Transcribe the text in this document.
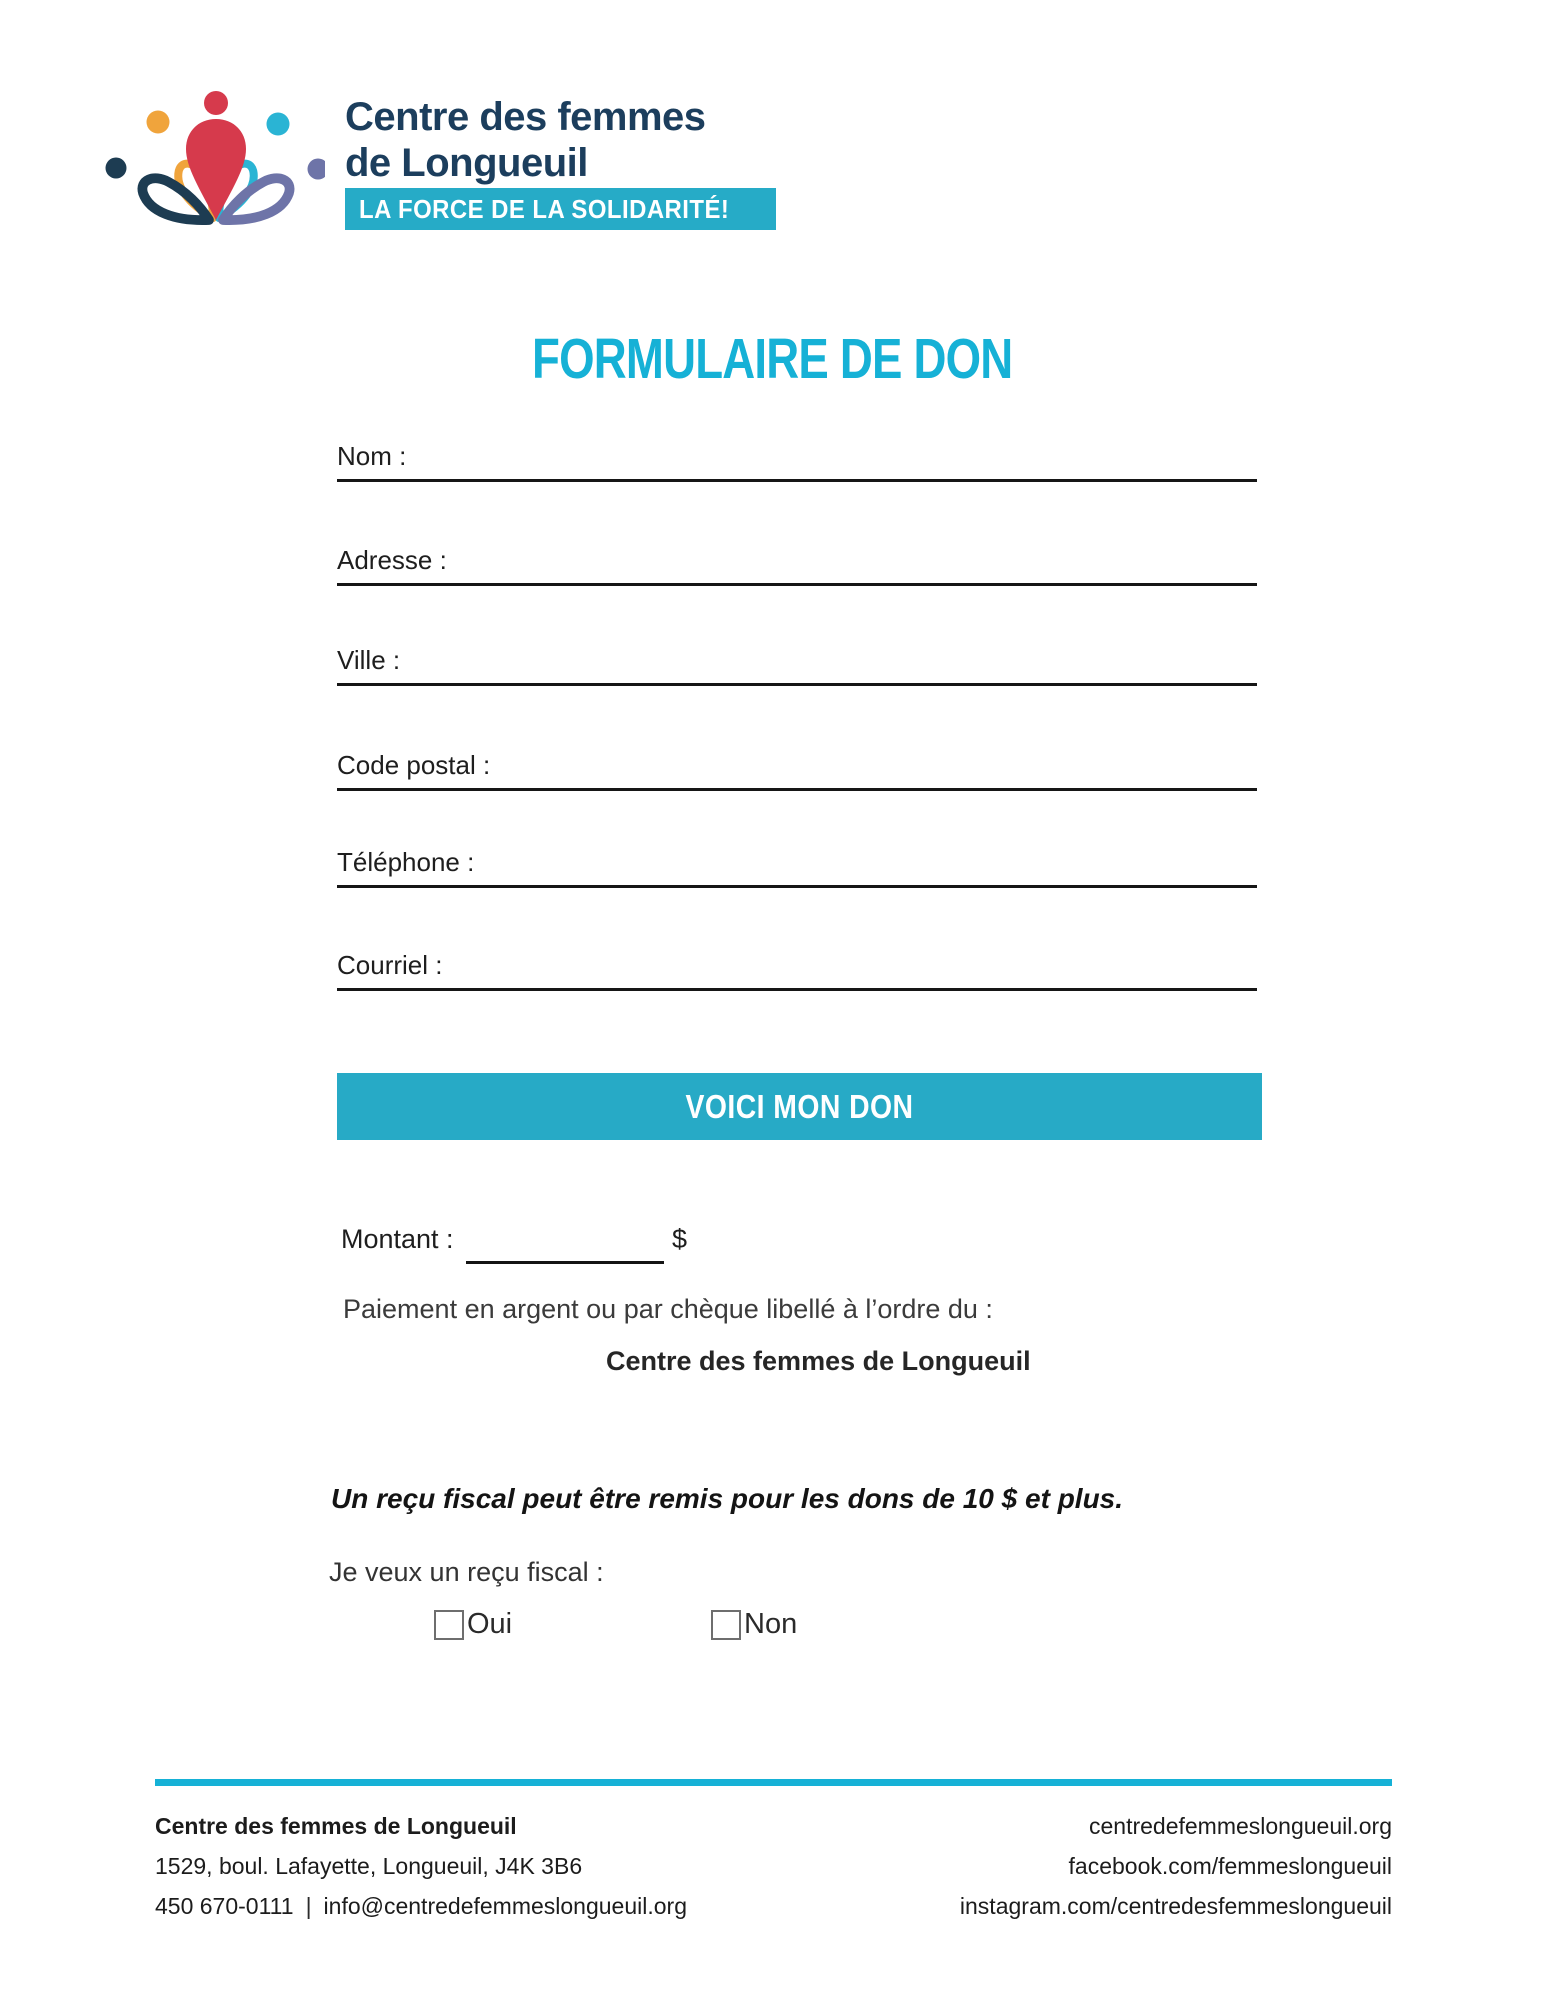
Centre des femmes
de Longueuil
LA FORCE DE LA SOLIDARITÉ!
FORMULAIRE DE DON
Nom :
Adresse :
Ville :
Code postal :
Téléphone :
Courriel :
VOICI MON DON
Montant :	$
Paiement en argent ou par chèque libellé à l’ordre du :
Centre des femmes de Longueuil
Un reçu fiscal peut être remis pour les dons de 10 $ et plus.
Je veux un reçu fiscal :
Oui	Non
Centre des femmes de Longueuil
1529, boul. Lafayette, Longueuil, J4K 3B6
450 670-0111 | info@centredefemmeslongueuil.org
centredefemmeslongueuil.org
facebook.com/femmeslongueuil
instagram.com/centredesfemmeslongueuil
